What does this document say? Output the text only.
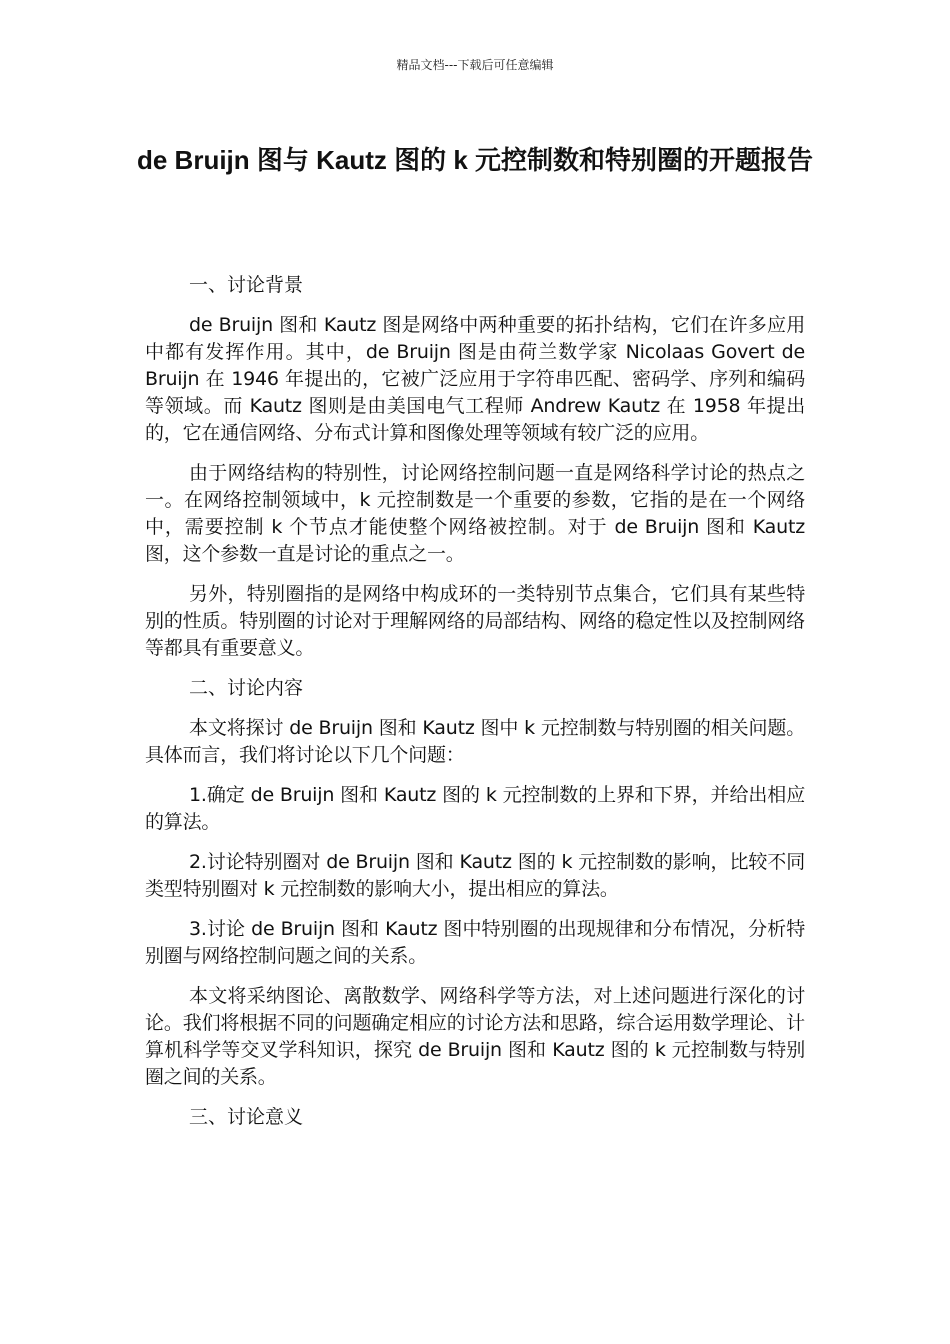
精品文档---下载后可任意编辑
de Bruijn 图与 Kautz 图的 k 元控制数和特别圈的开题报告

一、讨论背景

de Bruijn 图和 Kautz 图是网络中两种重要的拓扑结构，它们在许多应用中都有发挥作用。其中，de Bruijn 图是由荷兰数学家 Nicolaas Govert de Bruijn 在 1946 年提出的，它被广泛应用于字符串匹配、密码学、序列和编码等领域。而 Kautz 图则是由美国电气工程师 Andrew Kautz 在 1958 年提出的，它在通信网络、分布式计算和图像处理等领域有较广泛的应用。

由于网络结构的特别性，讨论网络控制问题一直是网络科学讨论的热点之一。在网络控制领域中，k 元控制数是一个重要的参数，它指的是在一个网络中，需要控制 k 个节点才能使整个网络被控制。对于 de Bruijn 图和 Kautz 图，这个参数一直是讨论的重点之一。

另外，特别圈指的是网络中构成环的一类特别节点集合，它们具有某些特别的性质。特别圈的讨论对于理解网络的局部结构、网络的稳定性以及控制网络等都具有重要意义。

二、讨论内容

本文将探讨 de Bruijn 图和 Kautz 图中 k 元控制数与特别圈的相关问题。具体而言，我们将讨论以下几个问题：

1.确定 de Bruijn 图和 Kautz 图的 k 元控制数的上界和下界，并给出相应的算法。

2.讨论特别圈对 de Bruijn 图和 Kautz 图的 k 元控制数的影响，比较不同类型特别圈对 k 元控制数的影响大小，提出相应的算法。

3.讨论 de Bruijn 图和 Kautz 图中特别圈的出现规律和分布情况，分析特别圈与网络控制问题之间的关系。

本文将采纳图论、离散数学、网络科学等方法，对上述问题进行深化的讨论。我们将根据不同的问题确定相应的讨论方法和思路，综合运用数学理论、计算机科学等交叉学科知识，探究 de Bruijn 图和 Kautz 图的 k 元控制数与特别圈之间的关系。

三、讨论意义
